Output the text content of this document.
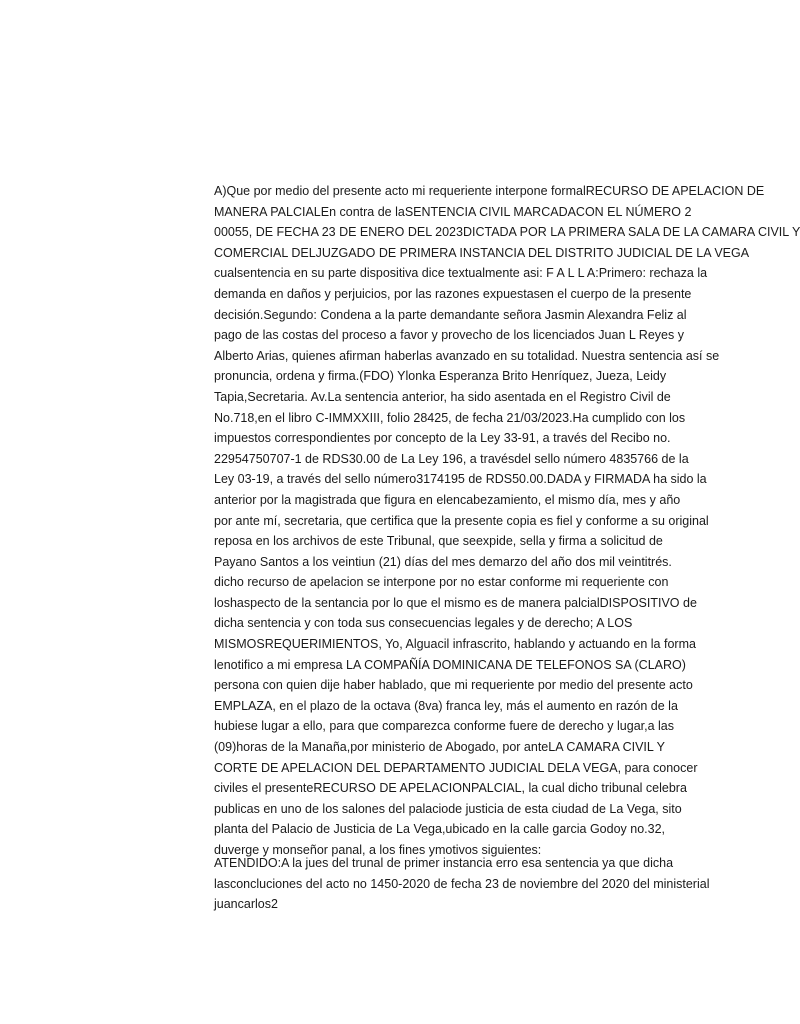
A)Que por medio del presente acto mi requeriente interpone formalRECURSO DE APELACION DE
MANERA PALCIALEn contra de laSENTENCIA CIVIL MARCADACON EL NÚMERO 2
00055, DE FECHA 23 DE ENERO DEL 2023DICTADA POR LA PRIMERA SALA DE LA CAMARA CIVIL Y
COMERCIAL DELJUZGADO DE PRIMERA INSTANCIA DEL DISTRITO JUDICIAL DE LA VEGA
cualsentencia en su parte dispositiva dice textualmente asi: F A L L A:Primero: rechaza la
demanda en daños y perjuicios, por las razones expuestasen el cuerpo de la presente
decisión.Segundo: Condena a la parte demandante señora Jasmin Alexandra Feliz al
pago de las costas del proceso a favor y provecho de los licenciados Juan L Reyes y
Alberto Arias, quienes afirman haberlas avanzado en su totalidad. Nuestra sentencia así se
pronuncia, ordena y firma.(FDO) Ylonka Esperanza Brito Henríquez, Jueza, Leidy
Tapia,Secretaria. Av.La sentencia anterior, ha sido asentada en el Registro Civil de
No.718,en el libro C-IMMXXIII, folio 28425, de fecha 21/03/2023.Ha cumplido con los
impuestos correspondientes por concepto de la Ley 33-91, a través del Recibo no.
22954750707-1 de RDS30.00 de La Ley 196, a travésdel sello número 4835766 de la
Ley 03-19, a través del sello número3174195 de RDS50.00.DADA y FIRMADA ha sido la
anterior por la magistrada que figura en elencabezamiento, el mismo día, mes y año
por ante mí, secretaria, que certifica que la presente copia es fiel y conforme a su original
reposa en los archivos de este Tribunal, que seexpide, sella y firma a solicitud de
Payano Santos a los veintiun (21) días del mes demarzo del año dos mil veintitrés.
dicho recurso de apelacion se interpone por no estar conforme mi requeriente con
loshaspecto de la sentancia por lo que el mismo es de manera palcialDISPOSITIVO de
dicha sentencia y con toda sus consecuencias legales y de derecho; A LOS
MISMOSREQUERIMIENTOS, Yo, Alguacil infrascrito, hablando y actuando en la forma
lenotifico a mi empresa LA COMPAÑÍA DOMINICANA DE TELEFONOS SA (CLARO)
persona con quien dije haber hablado, que mi requeriente por medio del presente acto
EMPLAZA, en el plazo de la octava (8va) franca ley, más el aumento en razón de la
hubiese lugar a ello, para que comparezca conforme fuere de derecho y lugar,a las
(09)horas de la Manaña,por ministerio de Abogado, por anteLA CAMARA CIVIL Y
CORTE DE APELACION DEL DEPARTAMENTO JUDICIAL DELA VEGA, para conocer
civiles el presenteRECURSO DE APELACIONPALCIAL, la cual dicho tribunal celebra
publicas en uno de los salones del palaciode justicia de esta ciudad de La Vega, sito
planta del Palacio de Justicia de La Vega,ubicado en la calle garcia Godoy no.32,
duverge y monseñor panal, a los fines ymotivos siguientes:
ATENDIDO:A la jues del trunal de primer instancia erro esa sentencia ya que dicha
lasconcluciones del acto no 1450-2020 de fecha 23 de noviembre del 2020 del ministerial
juancarlos2
